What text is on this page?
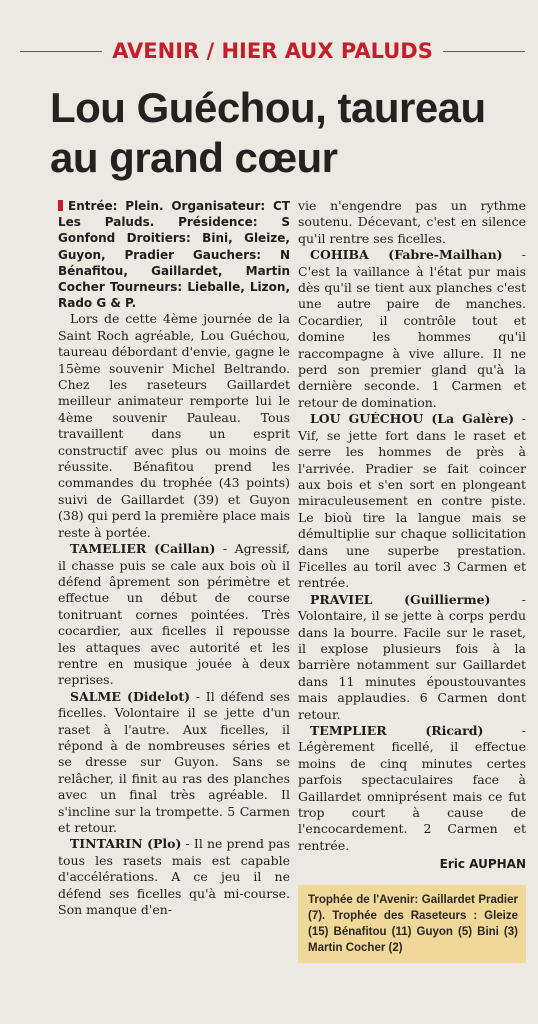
AVENIR / HIER AUX PALUDS
Lou Guéchou, taureau
au grand cœur

Entrée: Plein. Organisateur: CT Les Paluds. Présidence: S Gonfond Droitiers: Bini, Gleize, Guyon, Pradier Gauchers: N Bénafitou, Gaillardet, Martin Cocher Tourneurs: Lieballe, Lizon, Rado G & P.

Lors de cette 4ème journée de la Saint Roch agréable, Lou Guéchou, taureau débordant d'envie, gagne le 15ème souvenir Michel Beltrando. Chez les raseteurs Gaillardet meilleur animateur remporte lui le 4ème souvenir Pauleau. Tous travaillent dans un esprit constructif avec plus ou moins de réussite. Bénafitou prend les commandes du trophée (43 points) suivi de Gaillardet (39) et Guyon (38) qui perd la première place mais reste à portée.

TAMELIER (Caillan) - Agressif, il chasse puis se cale aux bois où il défend âprement son périmètre et effectue un début de course tonitruant cornes pointées. Très cocardier, aux ficelles il repousse les attaques avec autorité et les rentre en musique jouée à deux reprises.

SALME (Didelot) - Il défend ses ficelles. Volontaire il se jette d'un raset à l'autre. Aux ficelles, il répond à de nombreuses séries et se dresse sur Guyon. Sans se relâcher, il finit au ras des planches avec un final très agréable. Il s'incline sur la trompette. 5 Carmen et retour.

TINTARIN (Plo) - Il ne prend pas tous les rasets mais est capable d'accélérations. A ce jeu il ne défend ses ficelles qu'à mi-course. Son manque d'en-

vie n'engendre pas un rythme soutenu. Décevant, c'est en silence qu'il rentre ses ficelles.

COHIBA (Fabre-Mailhan) - C'est la vaillance à l'état pur mais dès qu'il se tient aux planches c'est une autre paire de manches. Cocardier, il contrôle tout et domine les hommes qu'il raccompagne à vive allure. Il ne perd son premier gland qu'à la dernière seconde. 1 Carmen et retour de domination.

LOU GUÉCHOU (La Galère) - Vif, se jette fort dans le raset et serre les hommes de près à l'arrivée. Pradier se fait coincer aux bois et s'en sort en plongeant miraculeusement en contre piste. Le bioù tire la langue mais se démultiplie sur chaque sollicitation dans une superbe prestation. Ficelles au toril avec 3 Carmen et rentrée.

PRAVIEL (Guillierme) - Volontaire, il se jette à corps perdu dans la bourre. Facile sur le raset, il explose plusieurs fois à la barrière notamment sur Gaillardet dans 11 minutes époustouvantes mais applaudies. 6 Carmen dont retour.

TEMPLIER (Ricard) - Légèrement ficellé, il effectue moins de cinq minutes certes parfois spectaculaires face à Gaillardet omniprésent mais ce fut trop court à cause de l'encocardement. 2 Carmen et rentrée.

Eric AUPHAN
Trophée de l'Avenir: Gaillardet Pradier (7). Trophée des Raseteurs : Gleize (15) Bénafitou (11) Guyon (5) Bini (3) Martin Cocher (2)
